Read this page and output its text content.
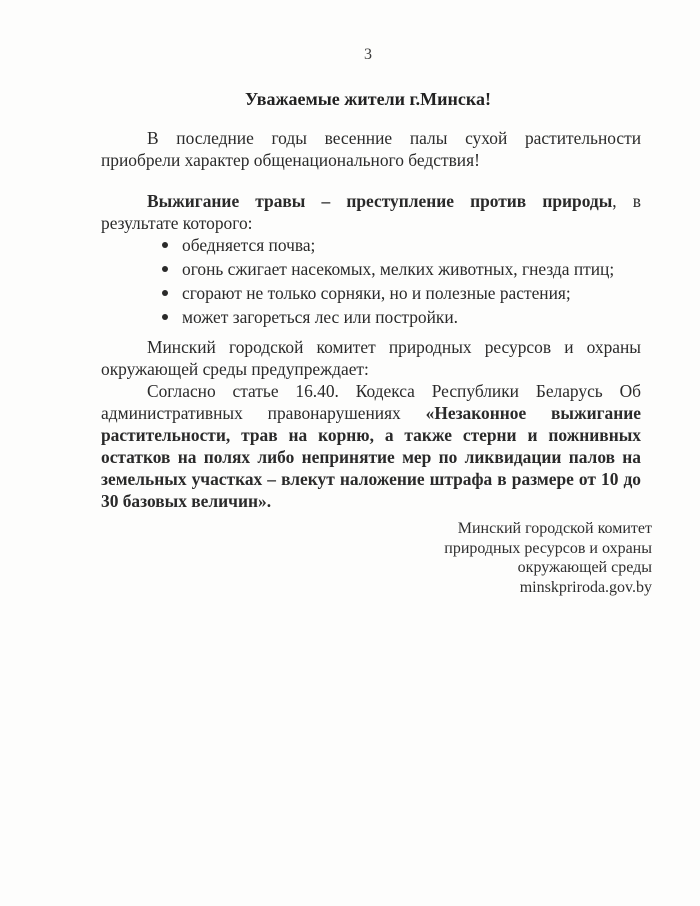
3
Уважаемые жители г.Минска!

В последние годы весенние палы сухой растительности приобрели характер общенационального бедствия!

Выжигание травы – преступление против природы, в результате которого:

обедняется почва;
огонь сжигает насекомых, мелких животных, гнезда птиц;
сгорают не только сорняки, но и полезные растения;
может загореться лес или постройки.

Минский городской комитет природных ресурсов и охраны окружающей среды предупреждает:

Согласно статье 16.40. Кодекса Республики Беларусь Об административных правонарушениях «Незаконное выжигание растительности, трав на корню, а также стерни и пожнивных остатков на полях либо непринятие мер по ликвидации палов на земельных участках – влекут наложение штрафа в размере от 10 до 30 базовых величин».

Минский городской комитет
природных ресурсов и охраны
окружающей среды
minskpriroda.gov.by
